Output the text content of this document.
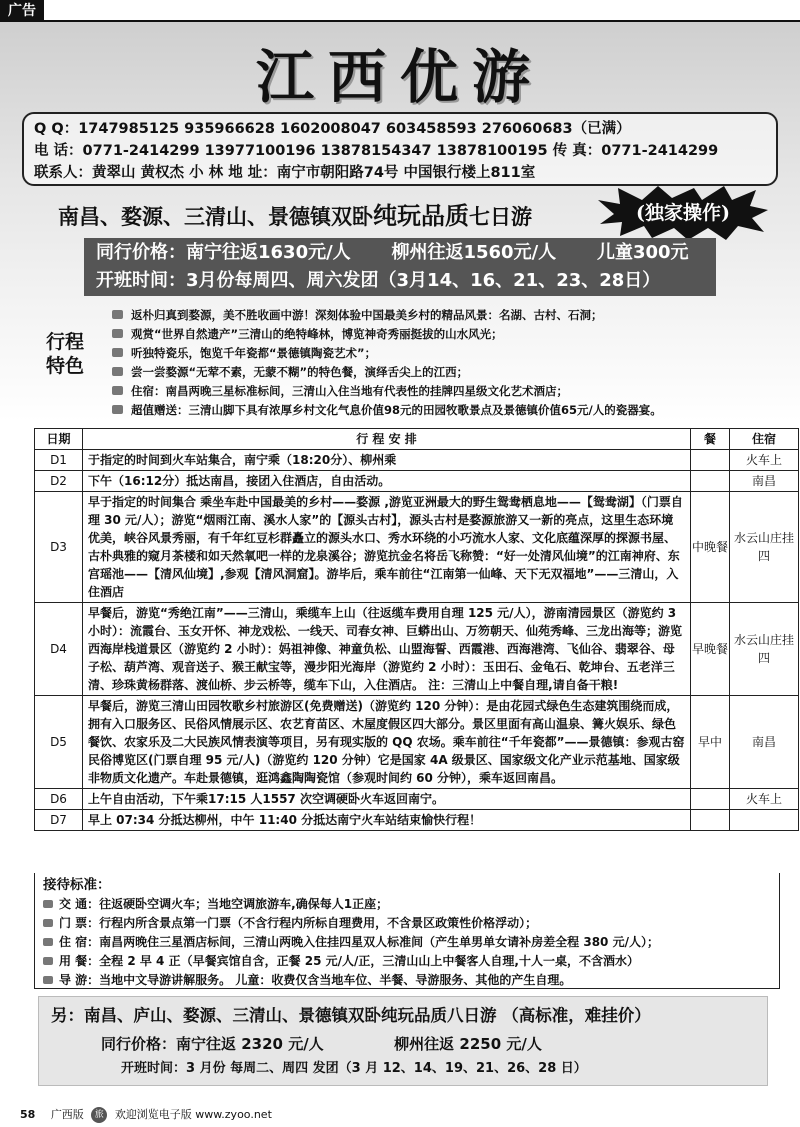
广告
江西优游
Q Q：1747985125 935966628 1602008047 603458593 276060683（已满）
电 话：0771-2414299 13977100196 13878154347 13878100195 传 真：0771-2414299
联系人：黄翠山 黄权杰 小 林 地 址：南宁市朝阳路74号 中国银行楼上811室
南昌、婺源、三清山、景德镇双卧纯玩品质七日游	(独家操作)
同行价格：南宁往返1630元/人 柳州往返1560元/人 儿童300元
开班时间：3月份每周四、周六发团（3月14、16、21、23、28日）
行程特色
返朴归真到婺源，美不胜收画中游！深刻体验中国最美乡村的精品风景：名湖、古村、石洞；
观赏“世界自然遗产”三清山的绝特峰林，博览神奇秀丽挺拔的山水风光；
听独特瓷乐，饱览千年瓷都“景德镇陶瓷艺术”；
尝一尝婺源“无荤不素，无蒙不糊”的特色餐，演绎舌尖上的江西；
住宿：南昌两晚三星标准标间，三清山入住当地有代表性的挂牌四星级文化艺术酒店；
超值赠送：三清山脚下具有浓厚乡村文化气息价值98元的田园牧歌景点及景德镇价值65元/人的瓷器宴。
日期	行 程 安 排	餐	住宿
D1	于指定的时间到火车站集合，南宁乘（18:20分）、柳州乘		火车上
D2	下午（16:12分）抵达南昌，接团入住酒店，自由活动。		南昌
D3	早于指定的时间集合 乘坐车赴中国最美的乡村——婺源 ,游览亚洲最大的野生鸳鸯栖息地——【鸳鸯湖】（门票自理 30 元/人）；游览“烟雨江南、溪水人家”的【源头古村】，源头古村是婺源旅游又一新的亮点，这里生态环境优美，峡谷风景秀丽，有千年红豆杉群矗立的源头水口、秀水环绕的小巧流水人家、文化底蕴深厚的探源书屋、古朴典雅的窥月茶楼和如天然氧吧一样的龙泉溪谷；游览抗金名将岳飞称赞：“好一处清风仙境”的江南神府、东宫瑶池——【清风仙境】,参观【清风洞窟】。游毕后，乘车前往“江南第一仙峰、天下无双福地”——三清山，入住酒店	中晚餐	水云山庄挂四
D4	早餐后，游览“秀绝江南”——三清山，乘缆车上山（往返缆车费用自理 125 元/人），游南清园景区（游览约 3 小时）：流霞台、玉女开怀、神龙戏松、一线天、司春女神、巨蟒出山、万笏朝天、仙苑秀峰、三龙出海等；游览西海岸栈道景区（游览约 2 小时）：妈祖神像、神童负松、山盟海誓、西霞港、西海港湾、飞仙谷、翡翠谷、母子松、葫芦湾、观音送子、猴王献宝等，漫步阳光海岸（游览约 2 小时）：玉田石、金龟石、乾坤台、五老洋三清、珍珠黄杨群落、渡仙桥、步云桥等，缆车下山，入住酒店。 注：三清山上中餐自理,请自备干粮!	早晚餐	水云山庄挂四
D5	早餐后，游览三清山田园牧歌乡村旅游区(免费赠送)（游览约 120 分钟）：是由花园式绿色生态建筑围绕而成，拥有入口服务区、民俗风情展示区、农艺育苗区、木屋度假区四大部分。景区里面有高山温泉、篝火娱乐、绿色餐饮、农家乐及二大民族风情表演等项目，另有现实版的 QQ 农场。乘车前往“千年瓷都”——景德镇：参观古窑民俗博览区(门票自理 95 元/人)（游览约 120 分钟）它是国家 4A 级景区、国家级文化产业示范基地、国家级非物质文化遗产。车赴景德镇，逛鸿鑫陶陶瓷馆（参观时间约 60 分钟），乘车返回南昌。	早中	南昌
D6	上午自由活动，下午乘17:15 人1557 次空调硬卧火车返回南宁。		火车上
D7	早上 07:34 分抵达柳州，中午 11:40 分抵达南宁火车站结束愉快行程！		
接待标准：
交 通：往返硬卧空调火车；当地空调旅游车,确保每人1正座；
门 票：行程内所含景点第一门票（不含行程内所标自理费用，不含景区政策性价格浮动）；
住 宿：南昌两晚住三星酒店标间，三清山两晚入住挂四星双人标准间（产生单男单女请补房差全程 380 元/人）；
用 餐：全程 2 早 4 正（早餐宾馆自含，正餐 25 元/人/正，三清山山上中餐客人自理,十人一桌，不含酒水）
导 游：当地中文导游讲解服务。 儿童：收费仅含当地车位、半餐、导游服务、其他的产生自理。
另：南昌、庐山、婺源、三清山、景德镇双卧纯玩品质八日游 （高标准，难挂价）
同行价格：南宁往返 2320 元/人	柳州往返 2250 元/人
开班时间：3 月份 每周二、周四 发团（3 月 12、14、19、21、26、28 日）
58 广西版 旅 欢迎浏览电子版 www.zyoo.net
